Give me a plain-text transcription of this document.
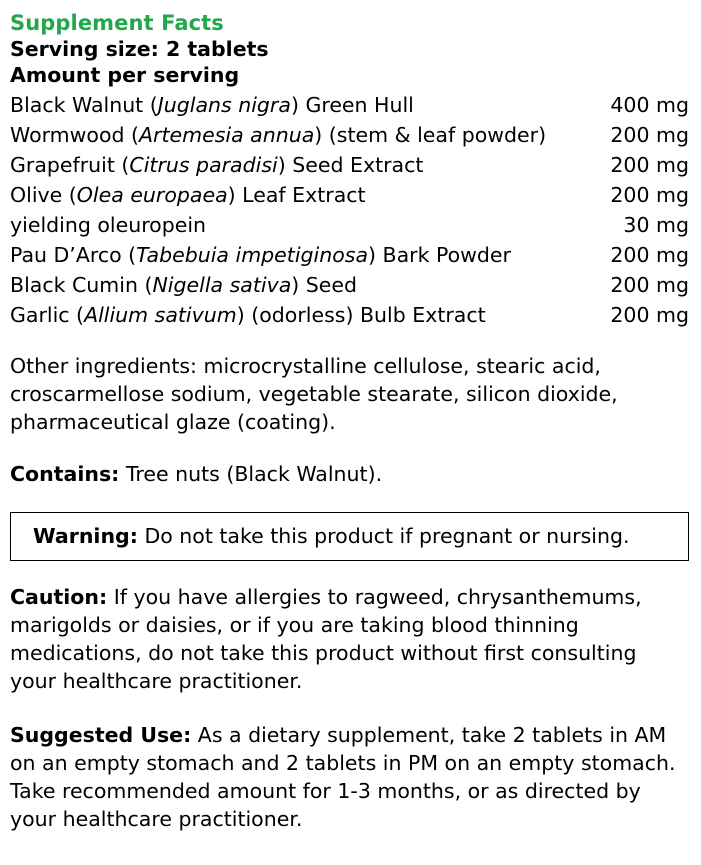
Supplement Facts
Serving size: 2 tablets
Amount per serving
Black Walnut (Juglans nigra) Green Hull	400 mg
Wormwood (Artemesia annua) (stem & leaf powder)	200 mg
Grapefruit (Citrus paradisi) Seed Extract	200 mg
Olive (Olea europaea) Leaf Extract	200 mg
yielding oleuropein	30 mg
Pau D’Arco (Tabebuia impetiginosa) Bark Powder	200 mg
Black Cumin (Nigella sativa) Seed	200 mg
Garlic (Allium sativum) (odorless) Bulb Extract	200 mg
Other ingredients: microcrystalline cellulose, stearic acid, croscarmellose sodium, vegetable stearate, silicon dioxide, pharmaceutical glaze (coating).
Contains: Tree nuts (Black Walnut).
Warning: Do not take this product if pregnant or nursing.
Caution: If you have allergies to ragweed, chrysanthemums, marigolds or daisies, or if you are taking blood thinning medications, do not take this product without first consulting your healthcare practitioner.
Suggested Use: As a dietary supplement, take 2 tablets in AM on an empty stomach and 2 tablets in PM on an empty stomach. Take recommended amount for 1-3 months, or as directed by your healthcare practitioner.
